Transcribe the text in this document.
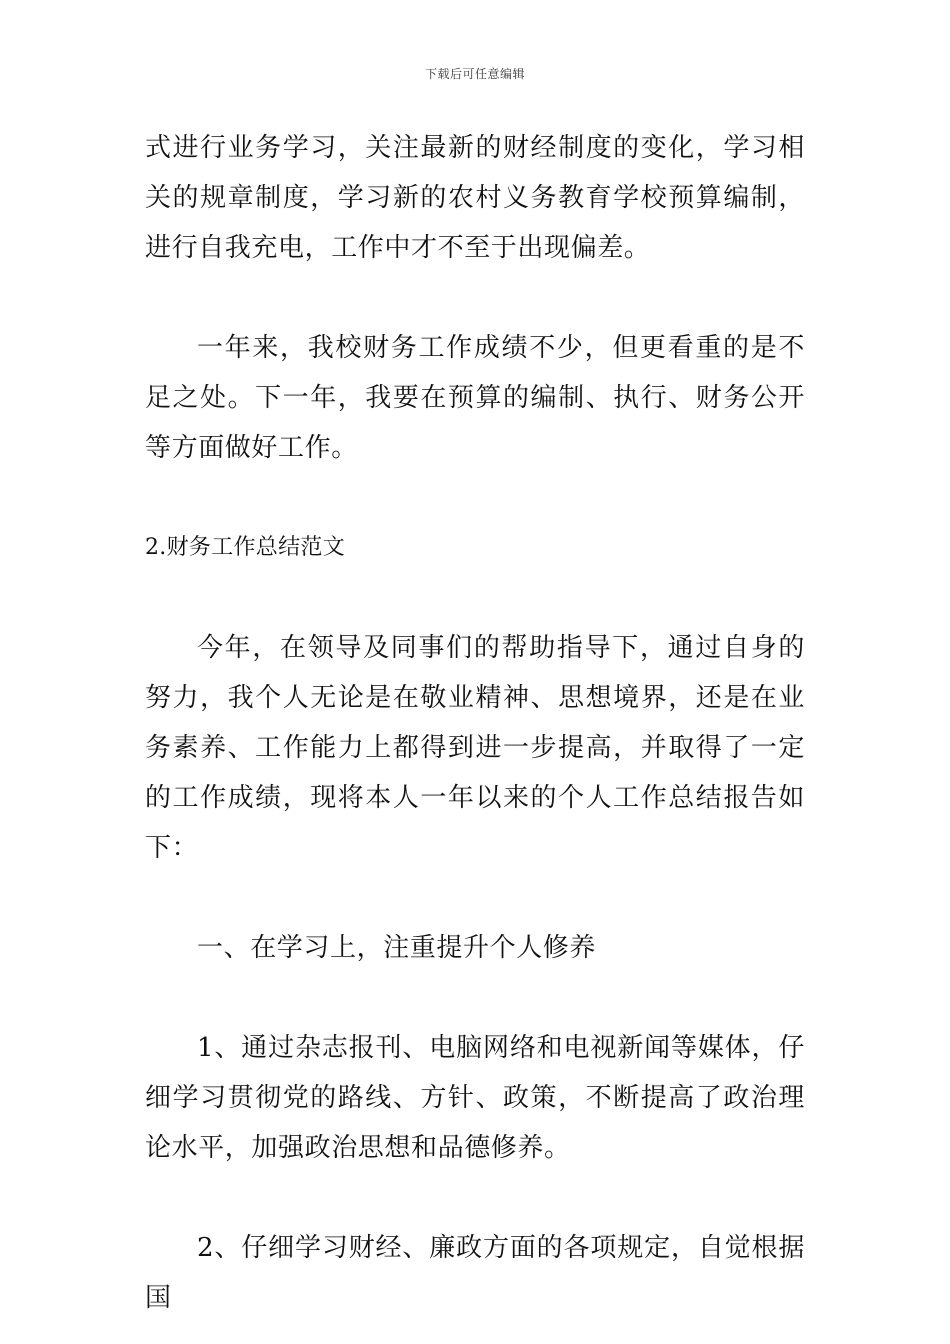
下载后可任意编辑

式进行业务学习，关注最新的财经制度的变化，学习相关的规章制度，学习新的农村义务教育学校预算编制，进行自我充电，工作中才不至于出现偏差。

一年来，我校财务工作成绩不少，但更看重的是不足之处。下一年，我要在预算的编制、执行、财务公开等方面做好工作。

2.财务工作总结范文

今年，在领导及同事们的帮助指导下，通过自身的努力，我个人无论是在敬业精神、思想境界，还是在业务素养、工作能力上都得到进一步提高，并取得了一定的工作成绩，现将本人一年以来的个人工作总结报告如下：

一、在学习上，注重提升个人修养

1、通过杂志报刊、电脑网络和电视新闻等媒体，仔细学习贯彻党的路线、方针、政策，不断提高了政治理论水平，加强政治思想和品德修养。

2、仔细学习财经、廉政方面的各项规定，自觉根据国
